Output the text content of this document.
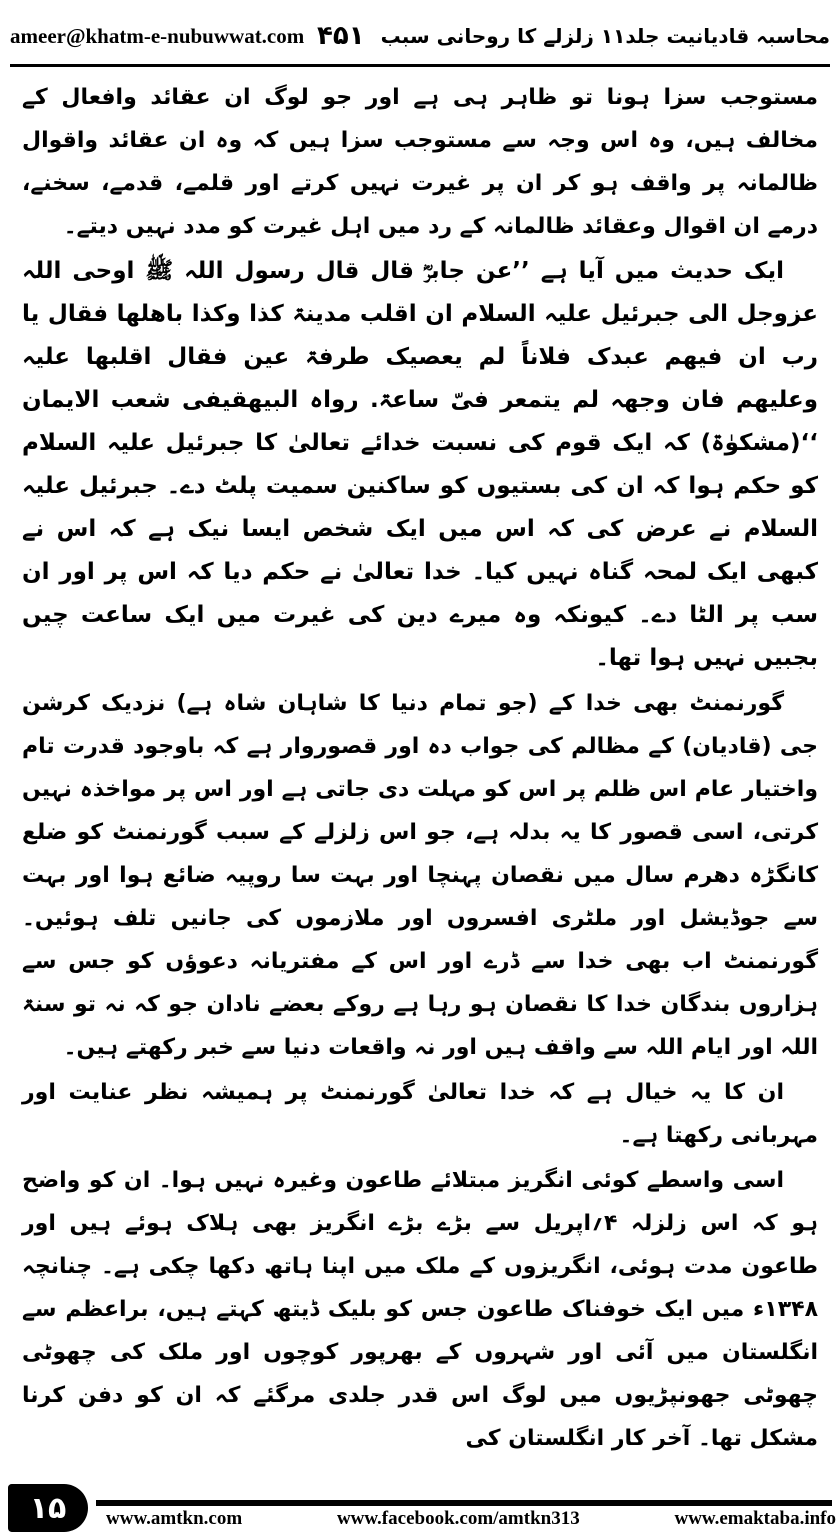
ameer@khatm-e-nubuwwat.com	محاسبہ قادیانیت جلد۱۱ زلزلے کا روحانی سبب
۴۵۱

مستوجب سزا ہونا تو ظاہر ہی ہے اور جو لوگ ان عقائد وافعال کے مخالف ہیں، وہ اس وجہ سے مستوجب سزا ہیں کہ وہ ان عقائد واقوال ظالمانہ پر واقف ہو کر ان پر غیرت نہیں کرتے اور قلمے، قدمے، سخنے، درمے ان اقوال وعقائد ظالمانہ کے رد میں اہل غیرت کو مدد نہیں دیتے۔

ایک حدیث میں آیا ہے ’’عن جابرؓ قال قال رسول اللہ ﷺ اوحی اللہ عزوجل الی جبرئیل علیہ السلام ان اقلب مدینۃ کذا وکذا باھلھا فقال یا رب ان فیھم عبدک فلاناً لم یعصیک طرفۃ عین فقال اقلبھا علیہ وعلیھم فان وجھہ لم یتمعر فیّ ساعۃ. رواہ البیھقیفی شعب الایمان ‘‘(مشکوٰۃ) کہ ایک قوم کی نسبت خدائے تعالیٰ کا جبرئیل علیہ السلام کو حکم ہوا کہ ان کی بستیوں کو ساکنین سمیت پلٹ دے۔ جبرئیل علیہ السلام نے عرض کی کہ اس میں ایک شخص ایسا نیک ہے کہ اس نے کبھی ایک لمحہ گناہ نہیں کیا۔ خدا تعالیٰ نے حکم دیا کہ اس پر اور ان سب پر الٹا دے۔ کیونکہ وہ میرے دین کی غیرت میں ایک ساعت چیں بجبیں نہیں ہوا تھا۔

گورنمنٹ بھی خدا کے (جو تمام دنیا کا شاہان شاہ ہے) نزدیک کرشن جی (قادیان) کے مظالم کی جواب دہ اور قصوروار ہے کہ باوجود قدرت تام واختیار عام اس ظلم پر اس کو مہلت دی جاتی ہے اور اس پر مواخذہ نہیں کرتی، اسی قصور کا یہ بدلہ ہے، جو اس زلزلے کے سبب گورنمنٹ کو ضلع کانگڑہ دھرم سال میں نقصان پہنچا اور بہت سا روپیہ ضائع ہوا اور بہت سے جوڈیشل اور ملٹری افسروں اور ملازموں کی جانیں تلف ہوئیں۔ گورنمنٹ اب بھی خدا سے ڈرے اور اس کے مفتریانہ دعوؤں کو جس سے ہزاروں بندگان خدا کا نقصان ہو رہا ہے روکے بعضے نادان جو کہ نہ تو سنۃ اللہ اور ایام اللہ سے واقف ہیں اور نہ واقعات دنیا سے خبر رکھتے ہیں۔

ان کا یہ خیال ہے کہ خدا تعالیٰ گورنمنٹ پر ہمیشہ نظر عنایت اور مہربانی رکھتا ہے۔

اسی واسطے کوئی انگریز مبتلائے طاعون وغیرہ نہیں ہوا۔ ان کو واضح ہو کہ اس زلزلہ ۴؍اپریل سے بڑے بڑے انگریز بھی ہلاک ہوئے ہیں اور طاعون مدت ہوئی، انگریزوں کے ملک میں اپنا ہاتھ دکھا چکی ہے۔ چنانچہ ۱۳۴۸ء میں ایک خوفناک طاعون جس کو بلیک ڈیتھ کہتے ہیں، براعظم سے انگلستان میں آئی اور شہروں کے بھرپور کوچوں اور ملک کی چھوٹی چھوٹی جھونپڑیوں میں لوگ اس قدر جلدی مرگئے کہ ان کو دفن کرنا مشکل تھا۔ آخر کار انگلستان کی

۱۵ www.amtkn.com	www.facebook.com/amtkn313	www.emaktaba.info
